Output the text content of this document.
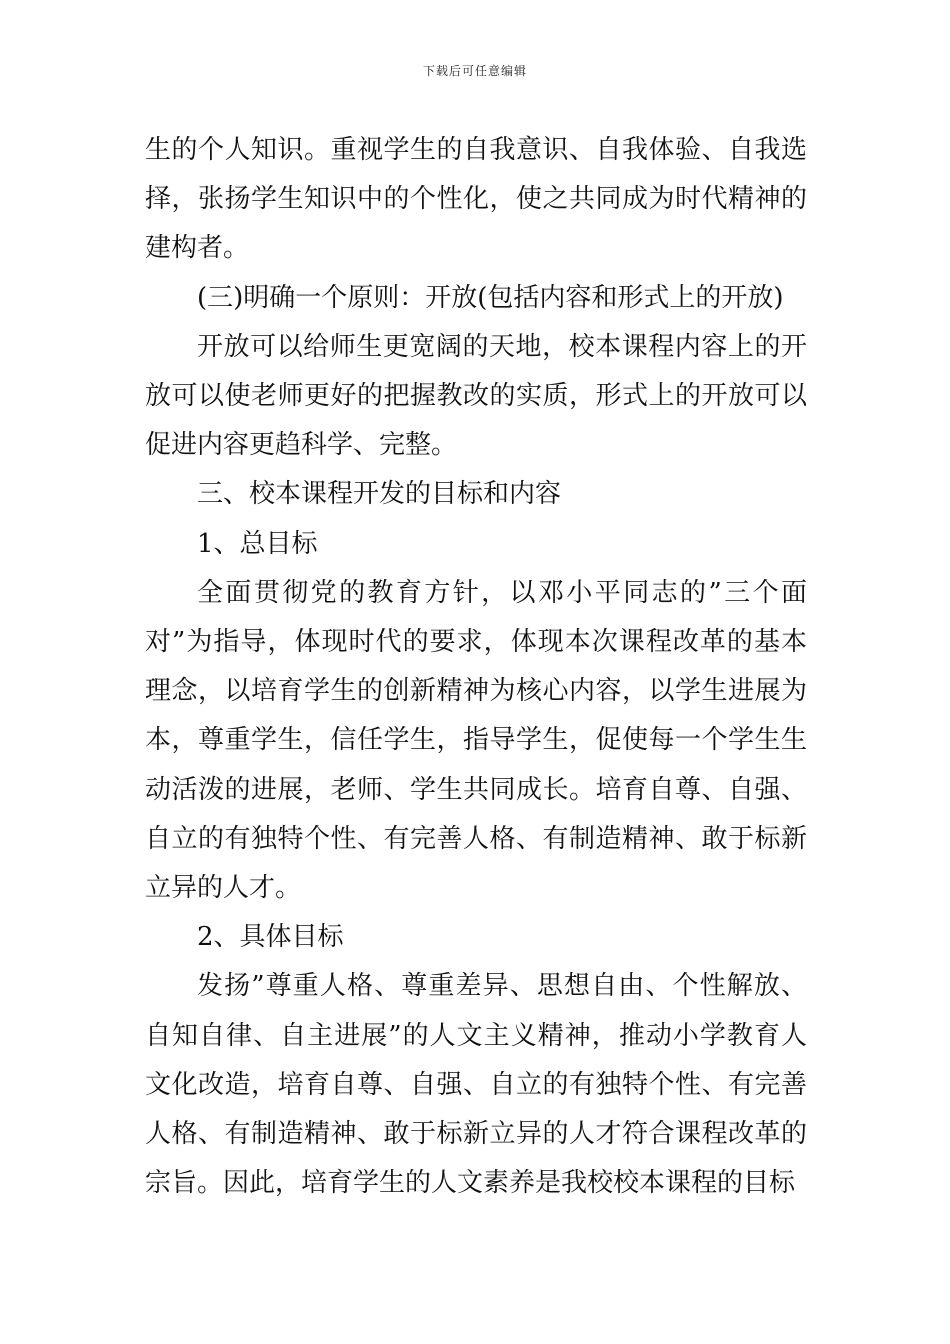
下载后可任意编辑

生的个人知识。重视学生的自我意识、自我体验、自我选择，张扬学生知识中的个性化，使之共同成为时代精神的建构者。

(三)明确一个原则：开放(包括内容和形式上的开放)

开放可以给师生更宽阔的天地，校本课程内容上的开放可以使老师更好的把握教改的实质，形式上的开放可以促进内容更趋科学、完整。

三、校本课程开发的目标和内容

1、总目标

全面贯彻党的教育方针，以邓小平同志的”三个面对”为指导，体现时代的要求，体现本次课程改革的基本理念，以培育学生的创新精神为核心内容，以学生进展为本，尊重学生，信任学生，指导学生，促使每一个学生生动活泼的进展，老师、学生共同成长。培育自尊、自强、自立的有独特个性、有完善人格、有制造精神、敢于标新立异的人才。

2、具体目标

发扬”尊重人格、尊重差异、思想自由、个性解放、自知自律、自主进展”的人文主义精神，推动小学教育人文化改造，培育自尊、自强、自立的有独特个性、有完善人格、有制造精神、敢于标新立异的人才符合课程改革的宗旨。因此，培育学生的人文素养是我校校本课程的目标
